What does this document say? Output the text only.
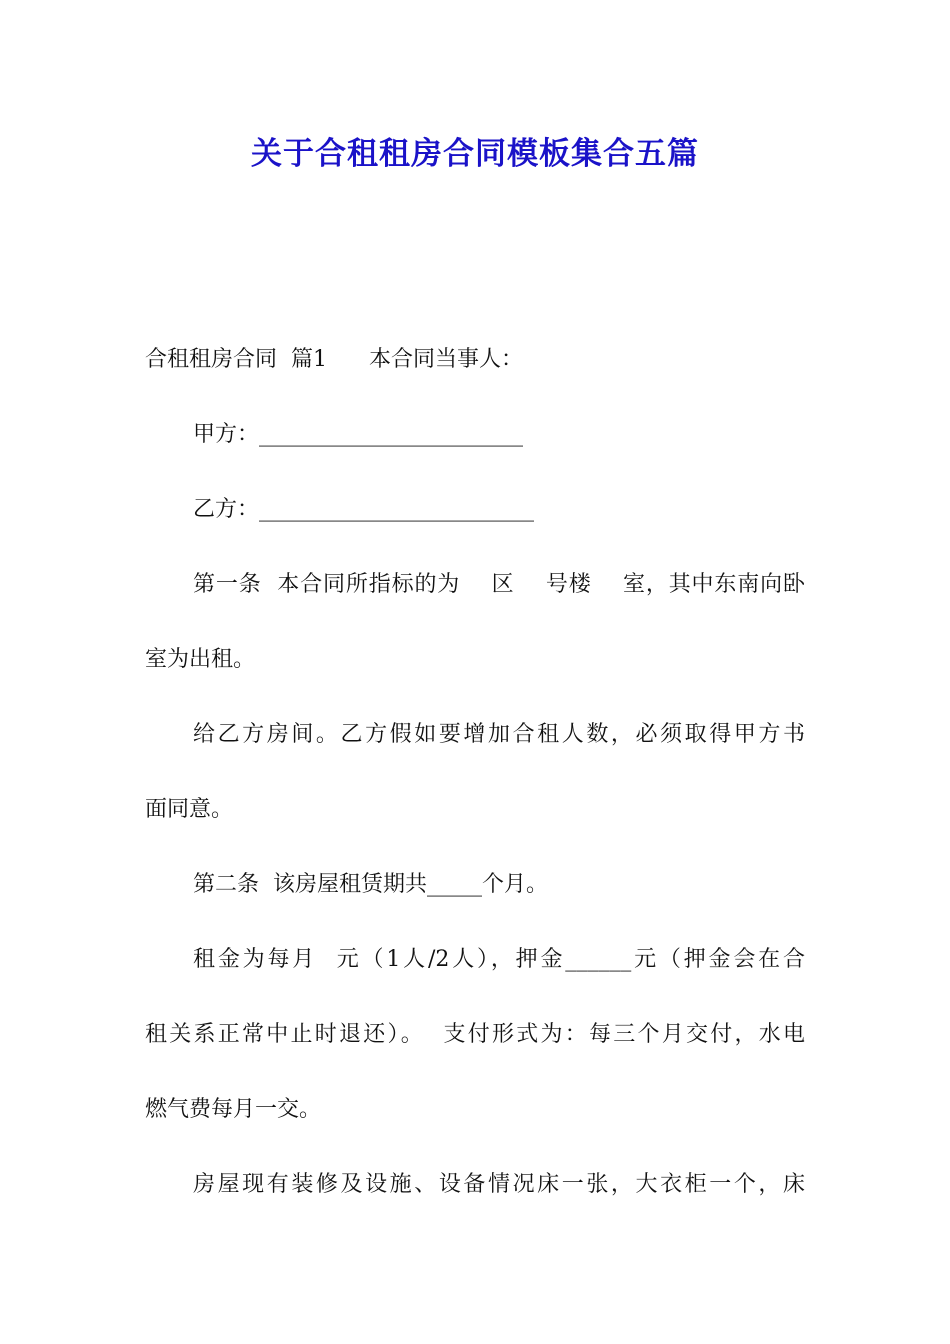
关于合租租房合同模板集合五篇

合租租房合同  篇1      本合同当事人：

甲方：________________________

乙方：_________________________

第一条  本合同所指标的为    区    号楼    室，其中东南向卧

室为出租。

给乙方房间。乙方假如要增加合租人数，必须取得甲方书

面同意。

第二条  该房屋租赁期共_____个月。

租金为每月  元（1人/2人），押金______元（押金会在合

租关系正常中止时退还）。  支付形式为：每三个月交付，水电

燃气费每月一交。

房屋现有装修及设施、设备情况床一张，大衣柜一个，床
